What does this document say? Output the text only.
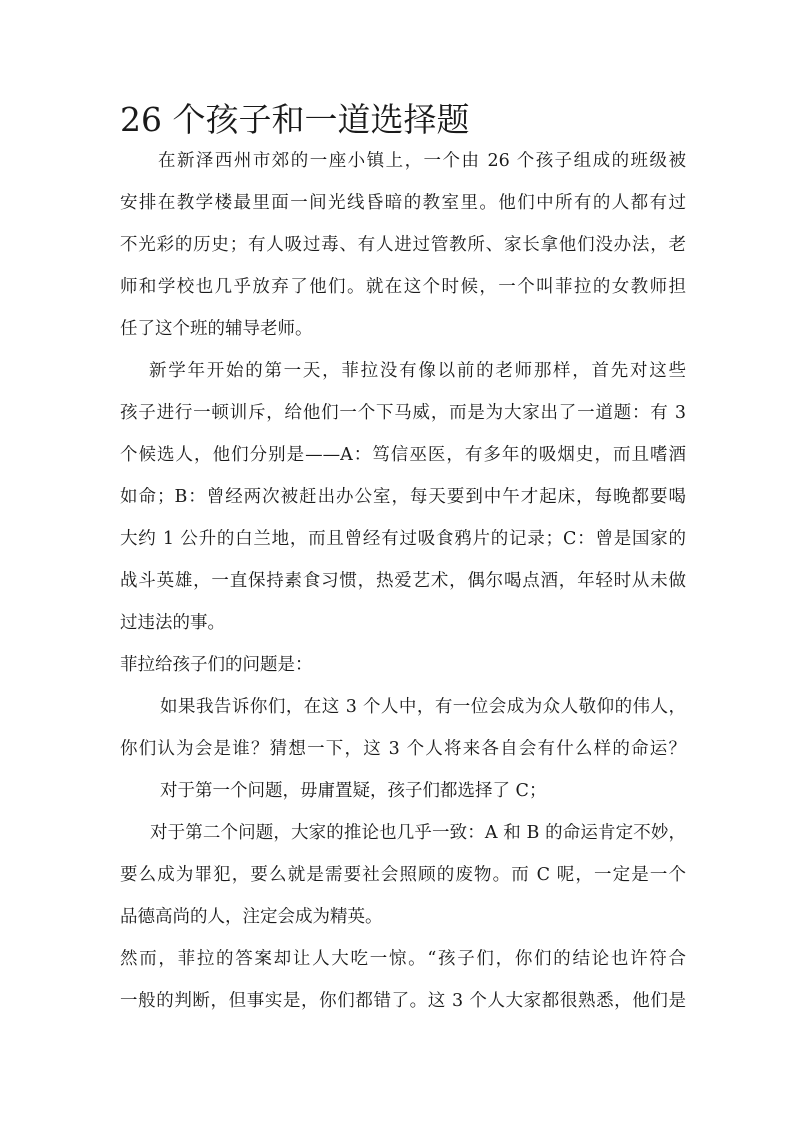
26 个孩子和一道选择题
在新泽西州市郊的一座小镇上，一个由 26 个孩子组成的班级被
安排在教学楼最里面一间光线昏暗的教室里。他们中所有的人都有过
不光彩的历史；有人吸过毒、有人进过管教所、家长拿他们没办法，老
师和学校也几乎放弃了他们。就在这个时候，一个叫菲拉的女教师担
任了这个班的辅导老师。
新学年开始的第一天，菲拉没有像以前的老师那样，首先对这些
孩子进行一顿训斥，给他们一个下马威，而是为大家出了一道题：有 3
个候选人，他们分别是——A：笃信巫医，有多年的吸烟史，而且嗜酒
如命；B：曾经两次被赶出办公室，每天要到中午才起床，每晚都要喝
大约 1 公升的白兰地，而且曾经有过吸食鸦片的记录；C：曾是国家的
战斗英雄，一直保持素食习惯，热爱艺术，偶尔喝点酒，年轻时从未做
过违法的事。
菲拉给孩子们的问题是：
如果我告诉你们，在这 3 个人中，有一位会成为众人敬仰的伟人，
你们认为会是谁？猜想一下，这 3 个人将来各自会有什么样的命运？
对于第一个问题，毋庸置疑，孩子们都选择了 C；
对于第二个问题，大家的推论也几乎一致：A 和 B 的命运肯定不妙，
要么成为罪犯，要么就是需要社会照顾的废物。而 C 呢，一定是一个
品德高尚的人，注定会成为精英。
然而，菲拉的答案却让人大吃一惊。“孩子们，你们的结论也许符合
一般的判断，但事实是，你们都错了。这 3 个人大家都很熟悉，他们是
